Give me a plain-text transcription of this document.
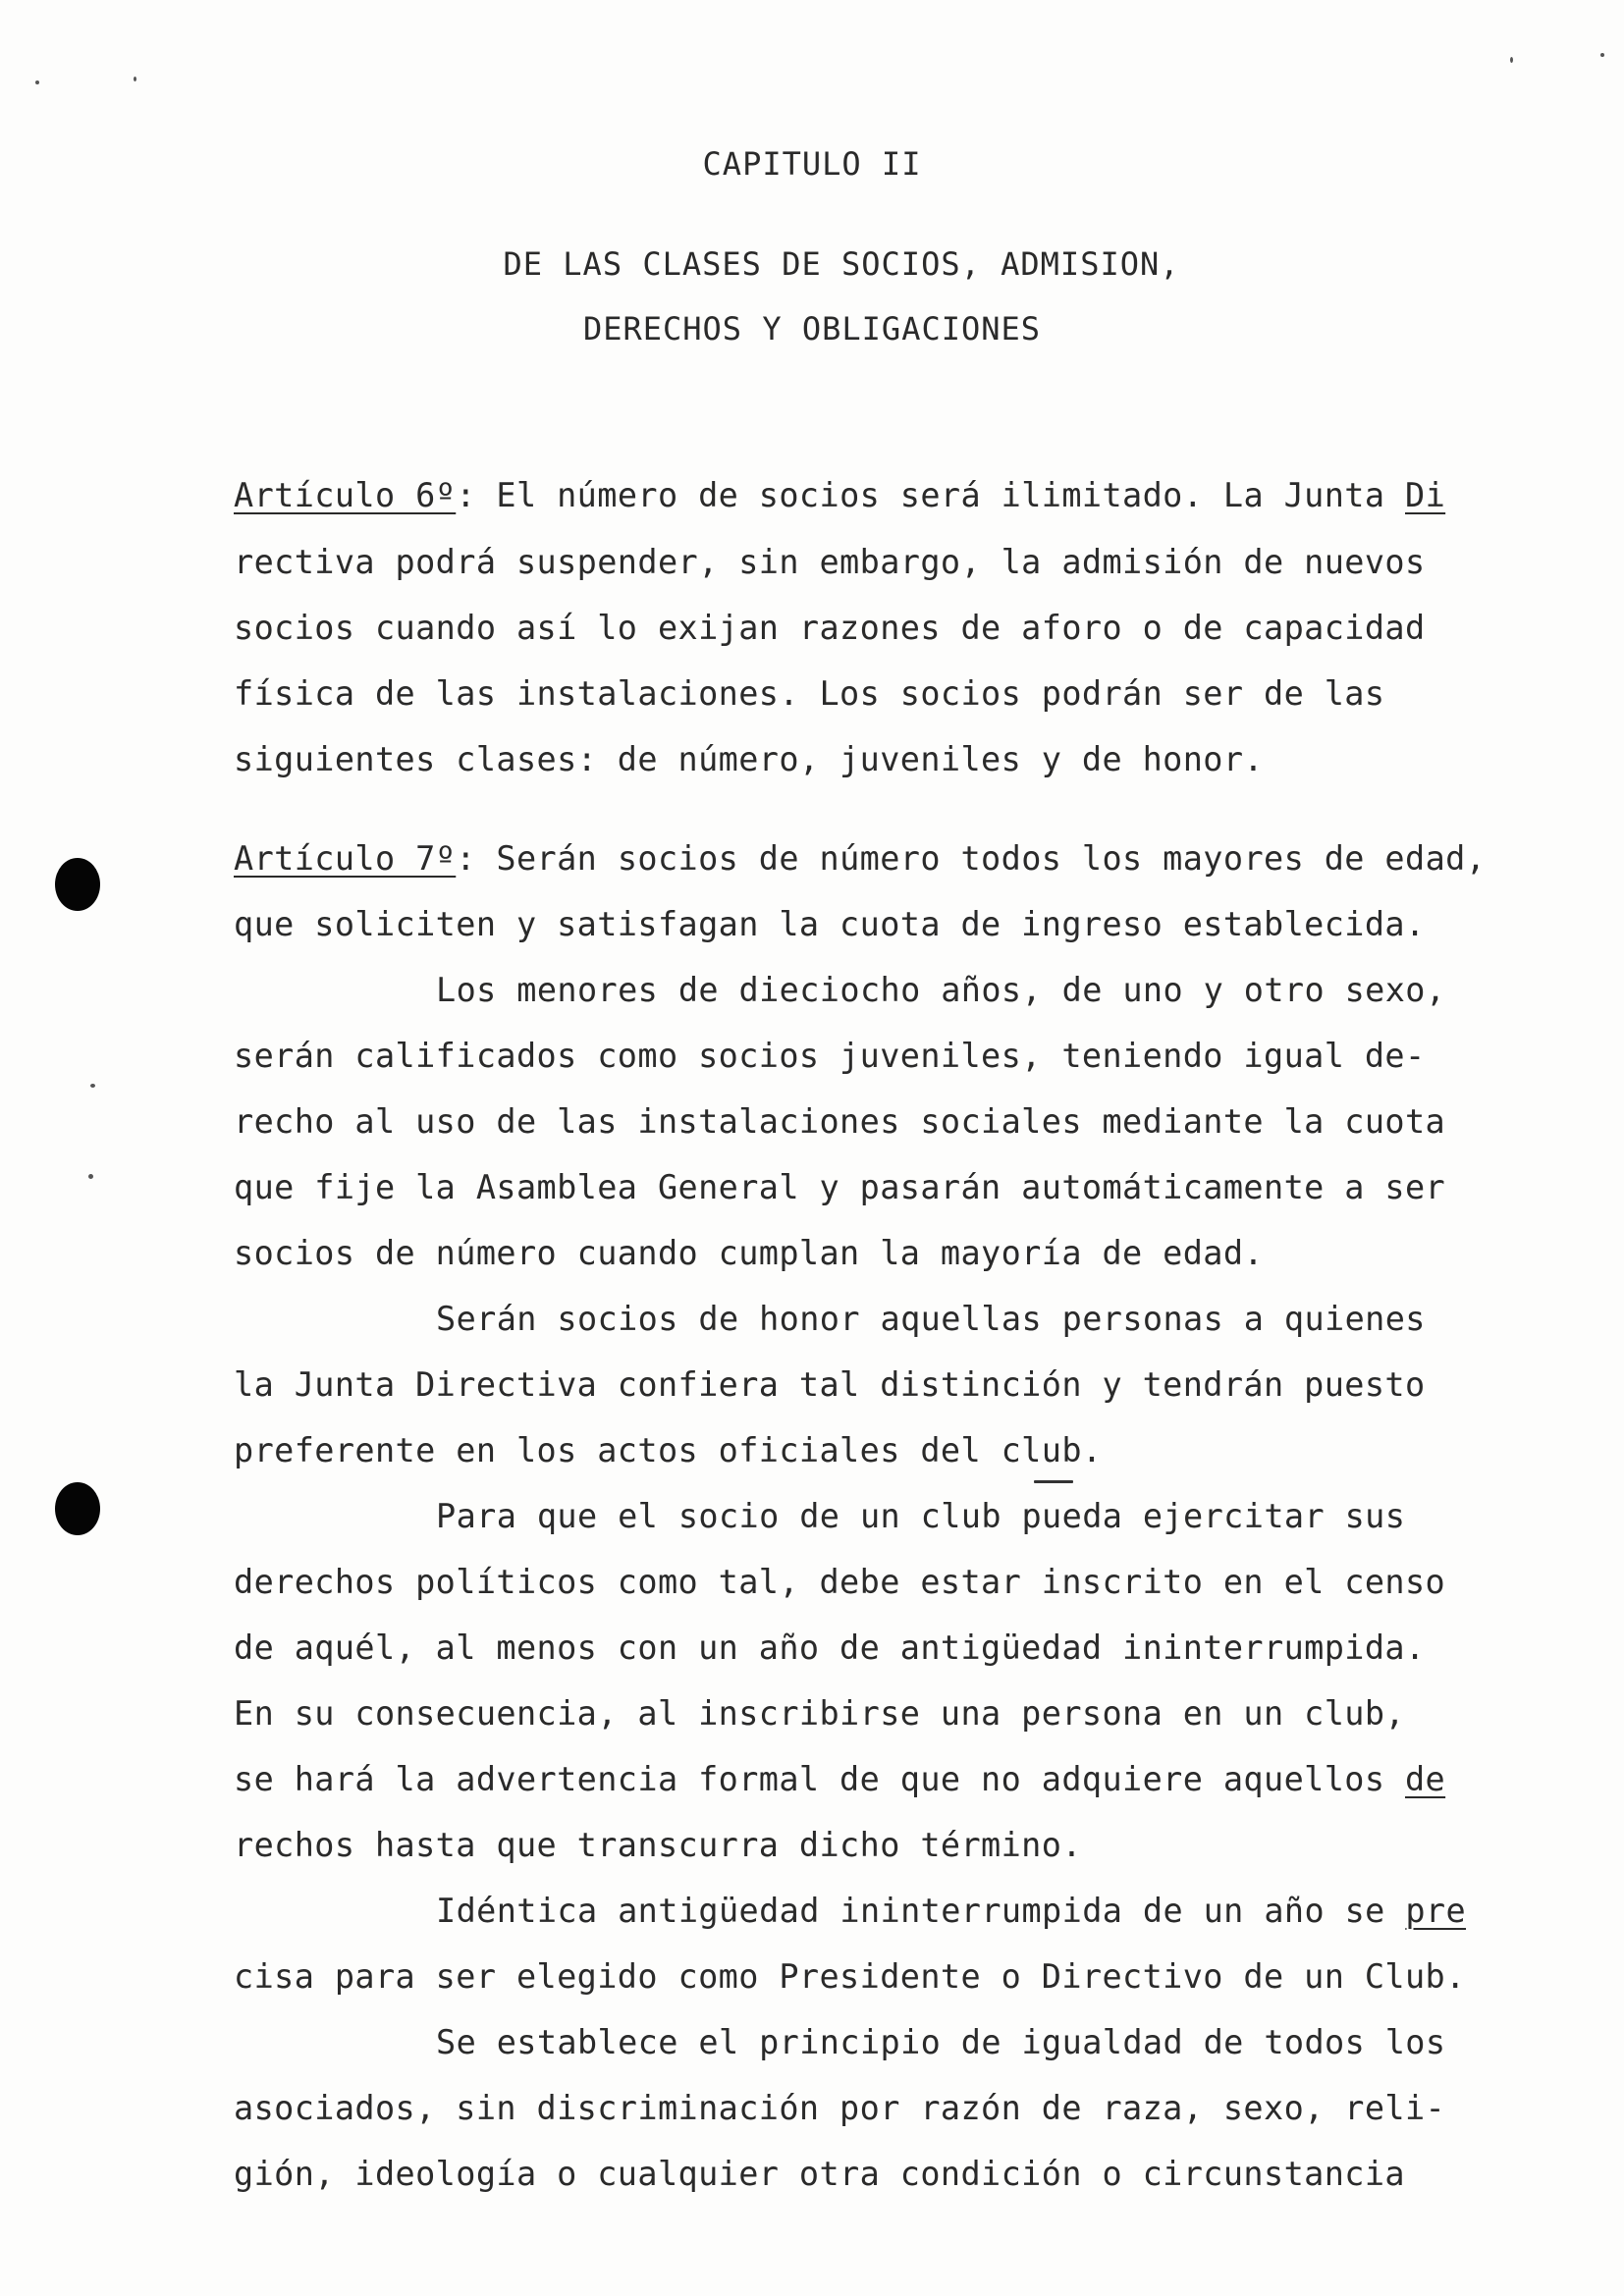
CAPITULO II
DE LAS CLASES DE SOCIOS, ADMISION,
DERECHOS Y OBLIGACIONES
Artículo 6º: El número de socios será ilimitado. La Junta Di
rectiva podrá suspender, sin embargo, la admisión de nuevos
socios cuando así lo exijan razones de aforo o de capacidad
física de las instalaciones. Los socios podrán ser de las
siguientes clases: de número, juveniles y de honor.
Artículo 7º: Serán socios de número todos los mayores de edad,
que soliciten y satisfagan la cuota de ingreso establecida.
Los menores de dieciocho años, de uno y otro sexo,
serán calificados como socios juveniles, teniendo igual de-
recho al uso de las instalaciones sociales mediante la cuota
que fije la Asamblea General y pasarán automáticamente a ser
socios de número cuando cumplan la mayoría de edad.
Serán socios de honor aquellas personas a quienes
la Junta Directiva confiera tal distinción y tendrán puesto
preferente en los actos oficiales del club.
Para que el socio de un club pueda ejercitar sus
derechos políticos como tal, debe estar inscrito en el censo
de aquél, al menos con un año de antigüedad ininterrumpida.
En su consecuencia, al inscribirse una persona en un club,
se hará la advertencia formal de que no adquiere aquellos de
rechos hasta que transcurra dicho término.
Idéntica antigüedad ininterrumpida de un año se pre
cisa para ser elegido como Presidente o Directivo de un Club.
Se establece el principio de igualdad de todos los
asociados, sin discriminación por razón de raza, sexo, reli-
gión, ideología o cualquier otra condición o circunstancia
